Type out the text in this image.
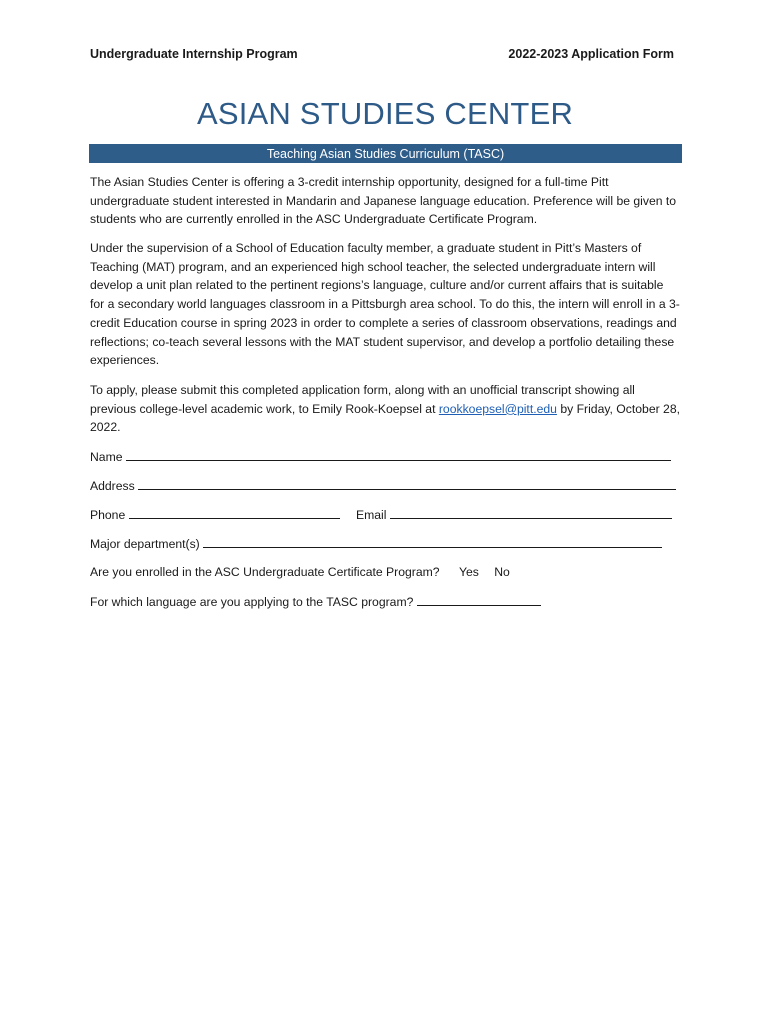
Undergraduate Internship Program	2022-2023 Application Form
ASIAN STUDIES CENTER
Teaching Asian Studies Curriculum (TASC)
The Asian Studies Center is offering a 3-credit internship opportunity, designed for a full-time Pitt undergraduate student interested in Mandarin and Japanese language education. Preference will be given to students who are currently enrolled in the ASC Undergraduate Certificate Program.
Under the supervision of a School of Education faculty member, a graduate student in Pitt’s Masters of Teaching (MAT) program, and an experienced high school teacher, the selected undergraduate intern will develop a unit plan related to the pertinent regions’s language, culture and/or current affairs that is suitable for a secondary world languages classroom in a Pittsburgh area school. To do this, the intern will enroll in a 3-credit Education course in spring 2023 in order to complete a series of classroom observations, readings and reflections; co-teach several lessons with the MAT student supervisor, and develop a portfolio detailing these experiences.
To apply, please submit this completed application form, along with an unofficial transcript showing all previous college-level academic work, to Emily Rook-Koepsel at rookkoepsel@pitt.edu by Friday, October 28, 2022.
Name
Address
Phone	Email
Major department(s)
Are you enrolled in the ASC Undergraduate Certificate Program? Yes No
For which language are you applying to the TASC program?
